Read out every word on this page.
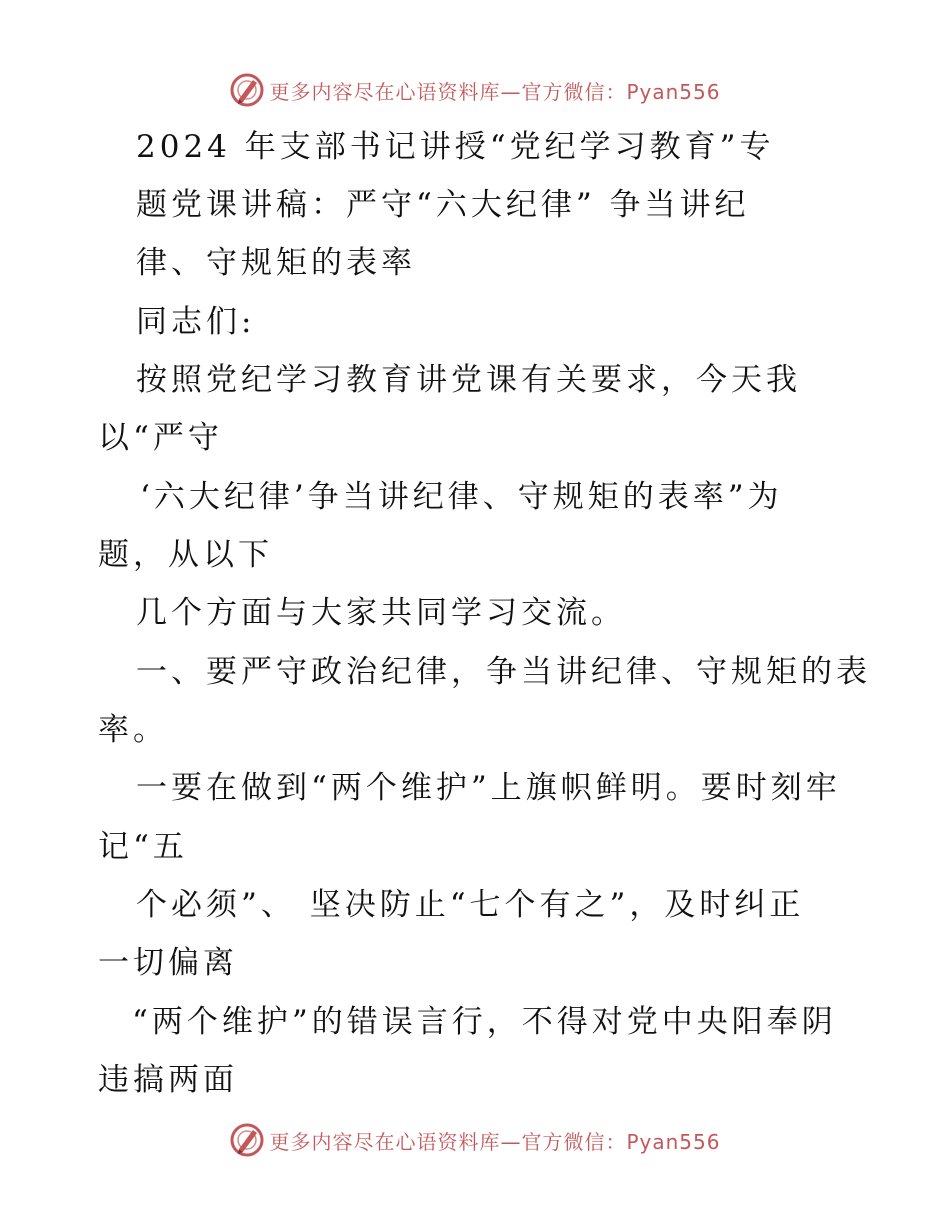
更多内容尽在心语资料库—官方微信：Pyan556
2024 年支部书记讲授“党纪学习教育”专
题党课讲稿：严守“六大纪律” 争当讲纪
律、守规矩的表率
同志们:
按照党纪学习教育讲党课有关要求，今天我
以“严守
‘六大纪律’争当讲纪律、守规矩的表率”为
题，从以下
几个方面与大家共同学习交流。
一、要严守政治纪律，争当讲纪律、守规矩的表
率。
一要在做到“两个维护”上旗帜鲜明。要时刻牢
记“五
个必须”、 坚决防止“七个有之”，及时纠正
一切偏离
“两个维护”的错误言行，不得对党中央阳奉阴
违搞两面
更多内容尽在心语资料库—官方微信：Pyan556
